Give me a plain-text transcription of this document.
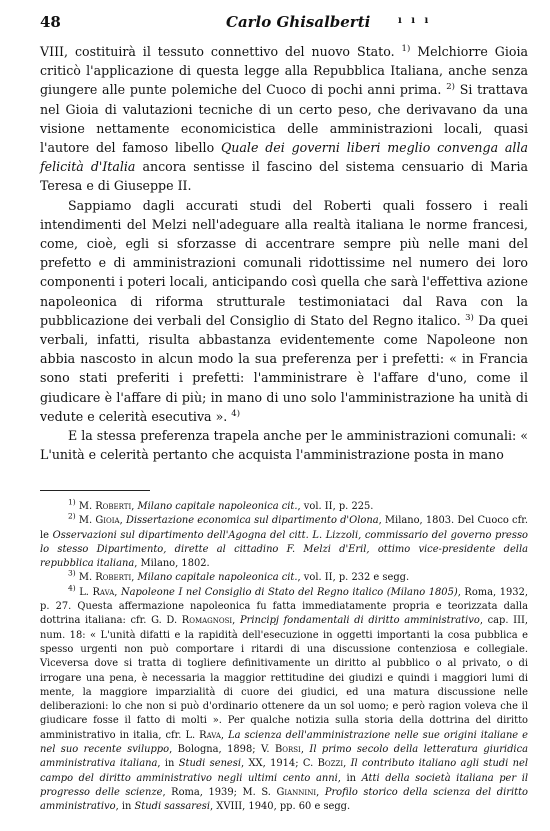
48	Carlo Ghisalberti	ı ı ı

VIII, costituirà il tessuto connettivo del nuovo Stato. $^{1)}$ Melchiorre Gioia criticò l'applicazione di questa legge alla Repubblica Italiana, anche senza giungere alle punte polemiche del Cuoco di pochi anni prima. $^{2)}$ Si trattava nel Gioia di valutazioni tecniche di un certo peso, che derivavano da una visione nettamente economicistica delle amministrazioni locali, quasi l'autore del famoso libello Quale dei governi liberi meglio convenga alla felicità d'Italia ancora sentisse il fascino del sistema censuario di Maria Teresa e di Giuseppe II.

Sappiamo dagli accurati studi del Roberti quali fossero i reali intendimenti del Melzi nell'adeguare alla realtà italiana le norme francesi, come, cioè, egli si sforzasse di accentrare sempre più nelle mani del prefetto e di amministrazioni comunali ridottissime nel numero dei loro componenti i poteri locali, anticipando così quella che sarà l'effettiva azione napoleonica di riforma strutturale testimoniataci dal Rava con la pubblicazione dei verbali del Consiglio di Stato del Regno italico. $^{3)}$ Da quei verbali, infatti, risulta abbastanza evidentemente come Napoleone non abbia nascosto in alcun modo la sua preferenza per i prefetti: « in Francia sono stati preferiti i prefetti: l'amministrare è l'affare d'uno, come il giudicare è l'affare di più; in mano di uno solo l'amministrazione ha unità di vedute e celerità esecutiva ». $^{4)}$

E la stessa preferenza trapela anche per le amministrazioni comunali: « L'unità e celerità pertanto che acquista l'amministrazione posta in mano

$^{1)}$ M. Roberti, Milano capitale napoleonica cit., vol. II, p. 225.

$^{2)}$ M. Gioia, Dissertazione economica sul dipartimento d'Olona, Milano, 1803. Del Cuoco cfr. le Osservazioni sul dipartimento dell'Agogna del citt. L. Lizzoli, commissario del governo presso lo stesso Dipartimento, dirette al cittadino F. Melzi d'Eril, ottimo vice-presidente della repubblica italiana, Milano, 1802.

$^{3)}$ M. Roberti, Milano capitale napoleonica cit., vol. II, p. 232 e segg.

$^{4)}$ L. Rava, Napoleone I nel Consiglio di Stato del Regno italico (Milano 1805), Roma, 1932, p. 27. Questa affermazione napoleonica fu fatta immediatamente propria e teorizzata dalla dottrina italiana: cfr. G. D. Romagnosi, Principj fondamentali di diritto amministrativo, cap. III, num. 18: « L'unità difatti e la rapidità dell'esecuzione in oggetti importanti la cosa pubblica e spesso urgenti non può comportare i ritardi di una discussione contenziosa e collegiale. Viceversa dove si tratta di togliere definitivamente un diritto al pubblico o al privato, o di irrogare una pena, è necessaria la maggior rettitudine dei giudizi e quindi i maggiori lumi di mente, la maggiore imparzialità di cuore dei giudici, ed una matura discussione nelle deliberazioni: lo che non si può d'ordinario ottenere da un sol uomo; e però ragion voleva che il giudicare fosse il fatto di molti ». Per qualche notizia sulla storia della dottrina del diritto amministrativo in italia, cfr. L. Rava, La scienza dell'amministrazione nelle sue origini italiane e nel suo recente sviluppo, Bologna, 1898; V. Borsi, Il primo secolo della letteratura giuridica amministrativa italiana, in Studi senesi, XX, 1914; C. Bozzi, Il contributo italiano agli studi nel campo del diritto amministrativo negli ultimi cento anni, in Atti della società italiana per il progresso delle scienze, Roma, 1939; M. S. Giannini, Profilo storico della scienza del diritto amministrativo, in Studi sassaresi, XVIII, 1940, pp. 60 e segg.
